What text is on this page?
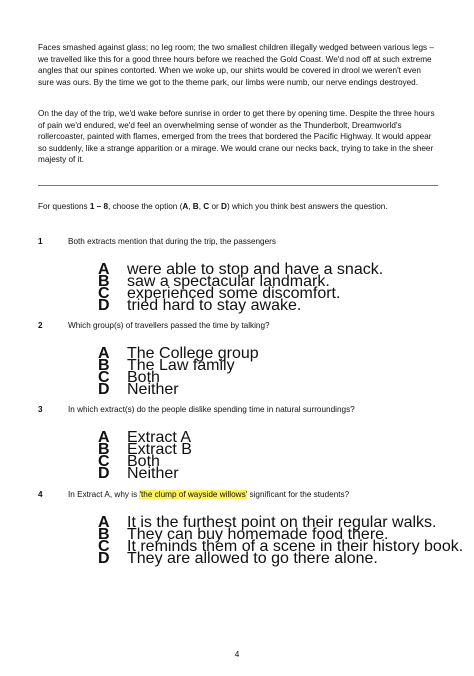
Faces smashed against glass; no leg room; the two smallest children illegally wedged between various legs – we travelled like this for a good three hours before we reached the Gold Coast. We'd nod off at such extreme angles that our spines contorted. When we woke up, our shirts would be covered in drool we weren't even sure was ours. By the time we got to the theme park, our limbs were numb, our nerve endings destroyed.

On the day of the trip, we'd wake before sunrise in order to get there by opening time. Despite the three hours of pain we'd endured, we'd feel an overwhelming sense of wonder as the Thunderbolt, Dreamworld's rollercoaster, painted with flames, emerged from the trees that bordered the Pacific Highway. It would appear so suddenly, like a strange apparition or a mirage. We would crane our necks back, trying to take in the sheer majesty of it.

For questions 1 – 8, choose the option (A, B, C or D) which you think best answers the question.
1	Both extracts mention that during the trip, the passengers
A were able to stop and have a snack.
B saw a spectacular landmark.
C experienced some discomfort.
D tried hard to stay awake.
2	Which group(s) of travellers passed the time by talking?
A The College group
B The Law family
C Both
D Neither
3	In which extract(s) do the people dislike spending time in natural surroundings?
A Extract A
B Extract B
C Both
D Neither
4	In Extract A, why is 'the clump of wayside willows' significant for the students?
A It is the furthest point on their regular walks.
B They can buy homemade food there.
C It reminds them of a scene in their history book.
D They are allowed to go there alone.
4
